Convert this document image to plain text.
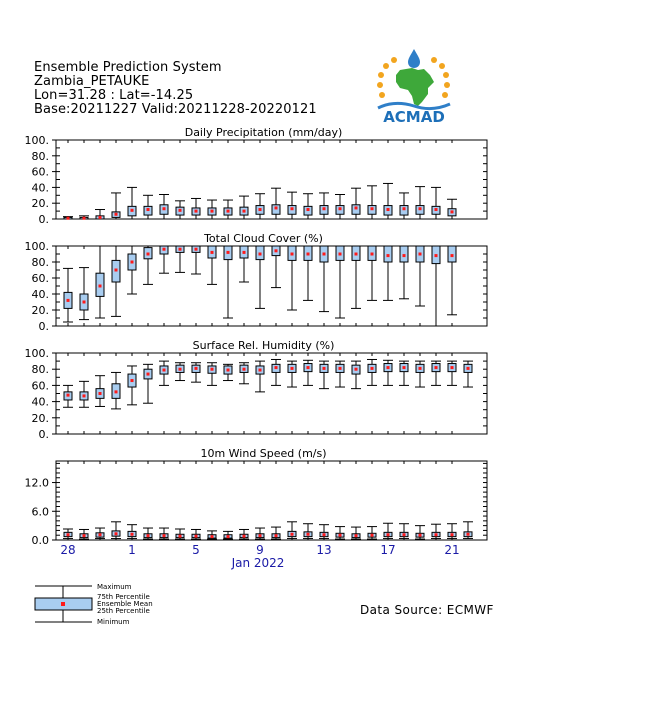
Ensemble Prediction System
Zambia_PETAUKE
Lon=31.28 : Lat=-14.25
Base:20211227 Valid:20211228-20220121	ACMAD
0.
20.
40.
60.
80.
100.
Daily Precipitation (mm/day)
0.
20.
40.
60.
80.
100.
Total Cloud Cover (%)
0.
20.
40.
60.
80.
100.
Surface Rel. Humidity (%)
0.0
6.0
12.0
10m Wind Speed (m/s)
28	1	5	9	13	17	21
Jan 2022
Maximum
75th Percentile
Ensemble Mean
25th Percentile
Minimum
Data Source: ECMWF
